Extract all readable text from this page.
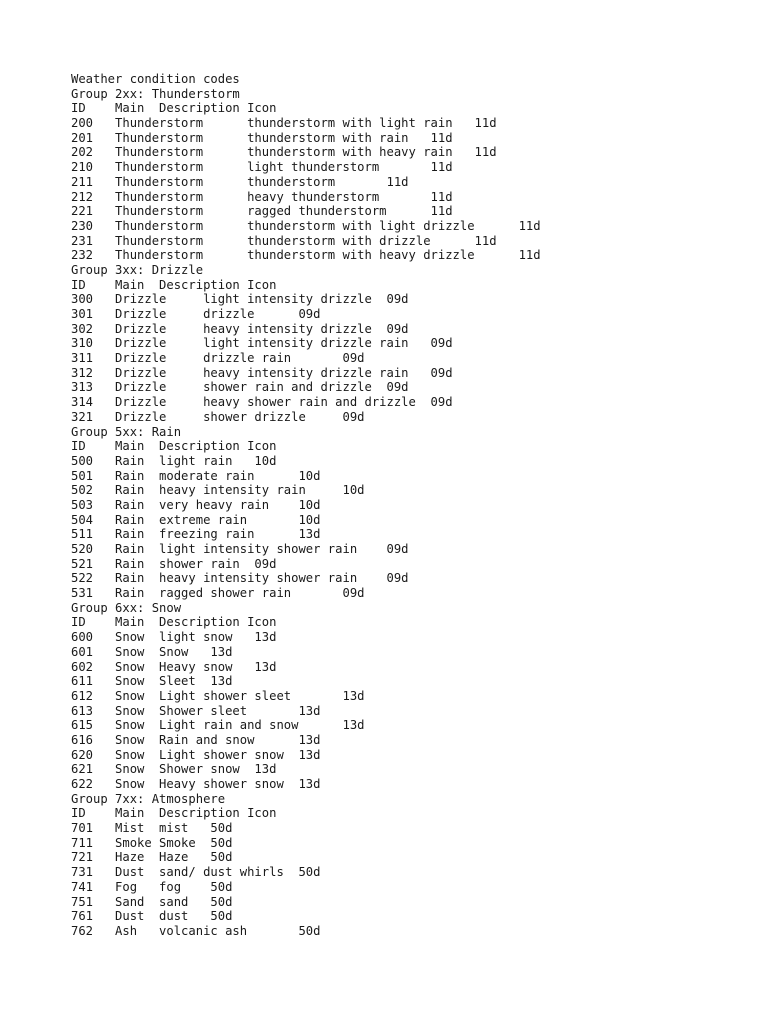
Weather condition codes
Group 2xx: Thunderstorm
ID    Main  Description Icon
200   Thunderstorm      thunderstorm with light rain   11d
201   Thunderstorm      thunderstorm with rain   11d
202   Thunderstorm      thunderstorm with heavy rain   11d
210   Thunderstorm      light thunderstorm       11d
211   Thunderstorm      thunderstorm       11d
212   Thunderstorm      heavy thunderstorm       11d
221   Thunderstorm      ragged thunderstorm      11d
230   Thunderstorm      thunderstorm with light drizzle      11d
231   Thunderstorm      thunderstorm with drizzle      11d
232   Thunderstorm      thunderstorm with heavy drizzle      11d
Group 3xx: Drizzle
ID    Main  Description Icon
300   Drizzle     light intensity drizzle  09d
301   Drizzle     drizzle      09d
302   Drizzle     heavy intensity drizzle  09d
310   Drizzle     light intensity drizzle rain   09d
311   Drizzle     drizzle rain       09d
312   Drizzle     heavy intensity drizzle rain   09d
313   Drizzle     shower rain and drizzle  09d
314   Drizzle     heavy shower rain and drizzle  09d
321   Drizzle     shower drizzle     09d
Group 5xx: Rain
ID    Main  Description Icon
500   Rain  light rain   10d
501   Rain  moderate rain      10d
502   Rain  heavy intensity rain     10d
503   Rain  very heavy rain    10d
504   Rain  extreme rain       10d
511   Rain  freezing rain      13d
520   Rain  light intensity shower rain    09d
521   Rain  shower rain  09d
522   Rain  heavy intensity shower rain    09d
531   Rain  ragged shower rain       09d
Group 6xx: Snow
ID    Main  Description Icon
600   Snow  light snow   13d
601   Snow  Snow   13d
602   Snow  Heavy snow   13d
611   Snow  Sleet  13d
612   Snow  Light shower sleet       13d
613   Snow  Shower sleet       13d
615   Snow  Light rain and snow      13d
616   Snow  Rain and snow      13d
620   Snow  Light shower snow  13d
621   Snow  Shower snow  13d
622   Snow  Heavy shower snow  13d
Group 7xx: Atmosphere
ID    Main  Description Icon
701   Mist  mist   50d
711   Smoke Smoke  50d
721   Haze  Haze   50d
731   Dust  sand/ dust whirls  50d
741   Fog   fog    50d
751   Sand  sand   50d
761   Dust  dust   50d
762   Ash   volcanic ash       50d
